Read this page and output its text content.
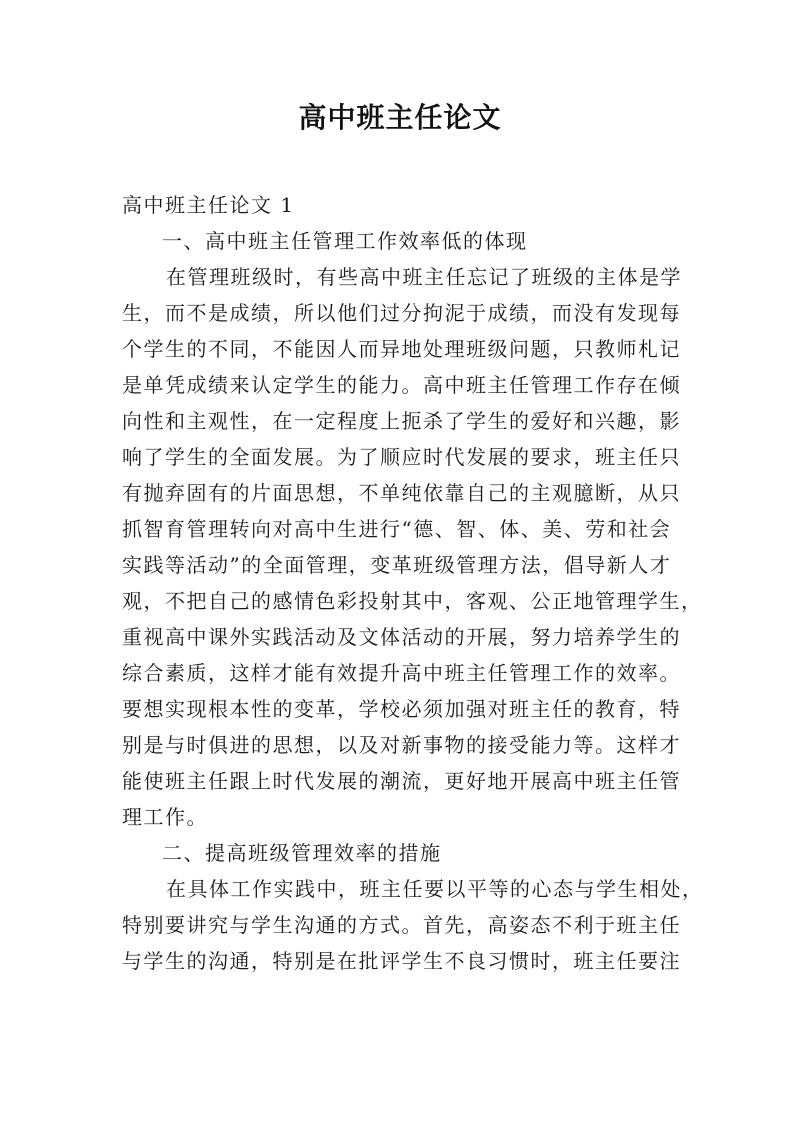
高中班主任论文
高中班主任论文 1
一、高中班主任管理工作效率低的体现
在管理班级时，有些高中班主任忘记了班级的主体是学
生，而不是成绩，所以他们过分拘泥于成绩，而没有发现每
个学生的不同，不能因人而异地处理班级问题，只教师札记
是单凭成绩来认定学生的能力。高中班主任管理工作存在倾
向性和主观性，在一定程度上扼杀了学生的爱好和兴趣，影
响了学生的全面发展。为了顺应时代发展的要求，班主任只
有抛弃固有的片面思想，不单纯依靠自己的主观臆断，从只
抓智育管理转向对高中生进行“德、智、体、美、劳和社会
实践等活动”的全面管理，变革班级管理方法，倡导新人才
观，不把自己的感情色彩投射其中，客观、公正地管理学生，
重视高中课外实践活动及文体活动的开展，努力培养学生的
综合素质，这样才能有效提升高中班主任管理工作的效率。
要想实现根本性的变革，学校必须加强对班主任的教育，特
别是与时俱进的思想，以及对新事物的接受能力等。这样才
能使班主任跟上时代发展的潮流，更好地开展高中班主任管
理工作。
二、提高班级管理效率的措施
在具体工作实践中，班主任要以平等的心态与学生相处，
特别要讲究与学生沟通的方式。首先，高姿态不利于班主任
与学生的沟通，特别是在批评学生不良习惯时，班主任要注
